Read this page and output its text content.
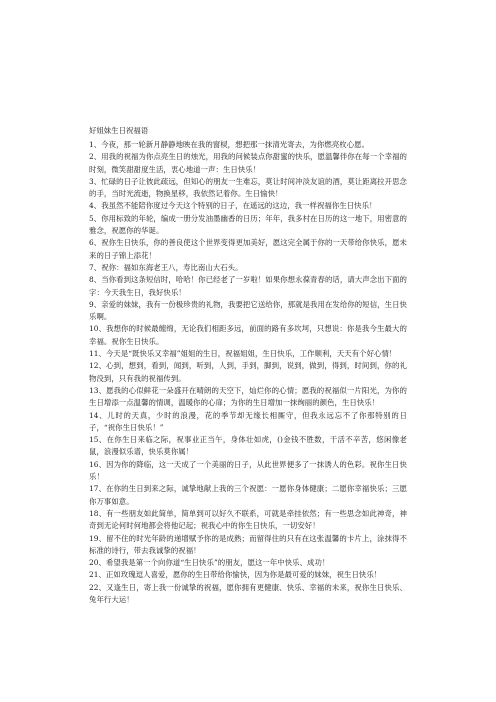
好姐妹生日祝福语

1、今夜，那一轮新月静静地映在我的窗棂，想把那一抹清光寄去，为你燃亮枚心愿。

2、用我的祝福为你点亮生日的烛光，用我的问候装点你甜蜜的快乐，愿温馨伴你在每一个幸福的时刻，微笑甜甜度生活，衷心地道一声：生日快乐！

3、忙碌的日子让彼此疏远，但知心的朋友一生难忘，莫让时间冲淡友谊的酒，莫让距离拉开思念的手，当时光流逝，物换星移，我依然记着你。生日愉快！

4、我虽然不能陪你度过今天这个特别的日子，在遥远的这边，我一样祝福你生日快乐！

5、你用标致的年轮，编成一册分发油墨幽香的日历；年年，我多村在日历的这一地下，用密意的雅念，祝愿你的华诞。

6、祝你生日快乐，你的善良使这个世界变得更加美好，愿这完全属于你的一天带给你快乐，愿未来的日子锦上添花！

7、祝你：福如东海老王八，寿比南山大石头。

8、当你看到这条短信时，哈哈！你已经老了一岁啦！如果你想永葆青春的话，请大声念出下面的字：今天我生日，我好快乐！

9、亲爱的妹妹，我有一份极珍贵的礼物，我要把它送给你，那就是我用在发给你的短信，生日快乐啊。

10、我想你的时候最缠绵，无论我们相距多远，前面的路有多坎坷，只想说：你是我今生最大的幸福。祝你生日快乐。

11、今天是“既快乐又幸福”姐姐的生日，祝福姐姐，生日快乐，工作顺利，天天有个好心情！

12、心到，想到，看到，闻到，听到，人到，手到，脚到，说到，做到，得到，时间到，你的礼物没到，只有我的祝福传到。

13、愿我的心似鲜花一朵盛开在晴朗的天空下，灿烂你的心情；愿我的祝福似一片阳光，为你的生日增添一点温馨的情调，温暖你的心扉；为你的生日增加一抹绚丽的颜色，生日快乐！

14、儿时的天真，少时的浪漫，花的季节却无缘长相厮守，但我永远忘不了你那特别的日子，“祝你生日快乐！”

15、在你生日来临之际，祝事业正当午，身体壮如虎，()金钱不胜数，干活不辛苦，悠闲像老鼠，浪漫似乐谱，快乐莫你属！

16、因为你的降临，这一天成了一个美丽的日子，从此世界便多了一抹诱人的色彩。祝你生日快乐！

17、在你的生日到来之际，诚挚地献上我的三个祝愿：一愿你身体健康；二愿你幸福快乐；三愿你万事如意。

18、有一些朋友如此简单，简单到可以好久不联系，可就是牵挂依然；有一些思念如此神奇，神奇到无论何时何地都会将他记起；祝我心中的你生日快乐，一切安好！

19、留不住的时光年龄的递增赋予你的是成熟；而留得住的只有在这张温馨的卡片上，涂抹得不标准的诗行，带去我诚挚的祝福！

20、希望我是第一个向你道“生日快乐”的朋友，愿这一年中快乐、成功！

21、正如玫瑰逗人喜爱，愿你的生日带给你愉快，因为你是最可爱的妹妹，祝生日快乐！

22、又逢生日，寄上我一份诚挚的祝福，愿你拥有更健康、快乐、幸福的未来，祝你生日快乐、兔年行大运！
